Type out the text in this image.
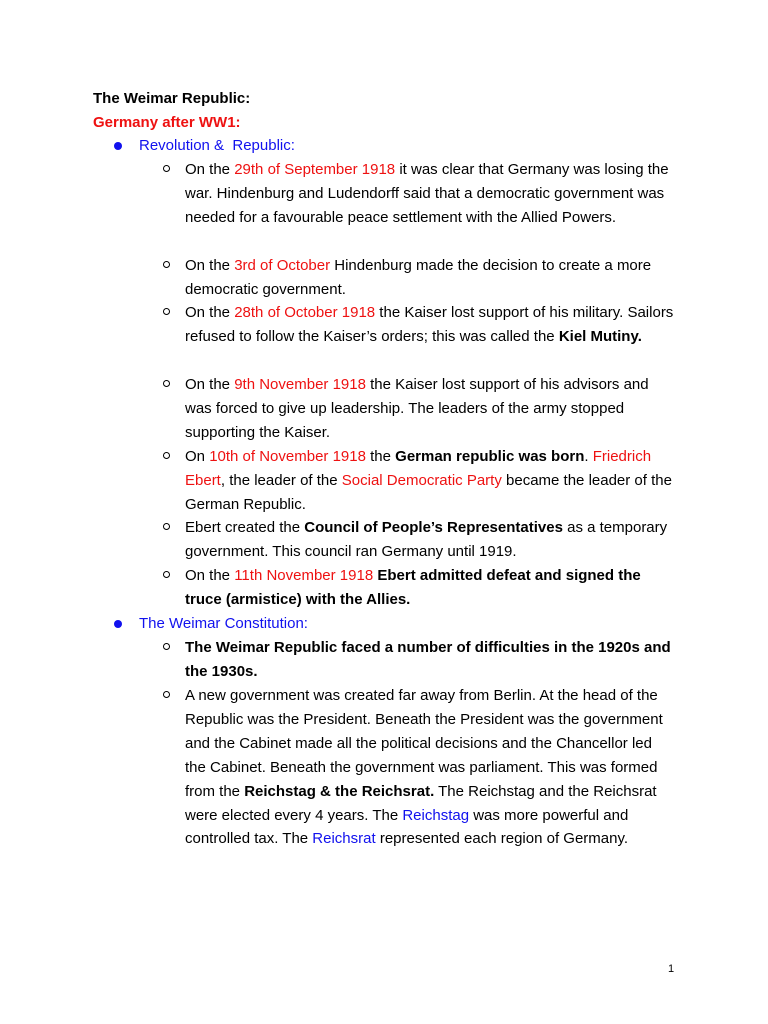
The Weimar Republic:
Germany after WW1:
Revolution &  Republic:
On the 29th of September 1918 it was clear that Germany was losing the war. Hindenburg and Ludendorff said that a democratic government was needed for a favourable peace settlement with the Allied Powers.
On the 3rd of October Hindenburg made the decision to create a more democratic government.
On the 28th of October 1918 the Kaiser lost support of his military. Sailors refused to follow the Kaiser’s orders; this was called the Kiel Mutiny.
On the 9th November 1918 the Kaiser lost support of his advisors and was forced to give up leadership. The leaders of the army stopped supporting the Kaiser.
On 10th of November 1918 the German republic was born. Friedrich Ebert, the leader of the Social Democratic Party became the leader of the German Republic.
Ebert created the Council of People’s Representatives as a temporary government. This council ran Germany until 1919.
On the 11th November 1918 Ebert admitted defeat and signed the truce (armistice) with the Allies.
The Weimar Constitution:
The Weimar Republic faced a number of difficulties in the 1920s and the 1930s.
A new government was created far away from Berlin. At the head of the Republic was the President. Beneath the President was the government and the Cabinet made all the political decisions and the Chancellor led the Cabinet. Beneath the government was parliament. This was formed from the Reichstag & the Reichsrat. The Reichstag and the Reichsrat were elected every 4 years. The Reichstag was more powerful and controlled tax. The Reichsrat represented each region of Germany.
1
